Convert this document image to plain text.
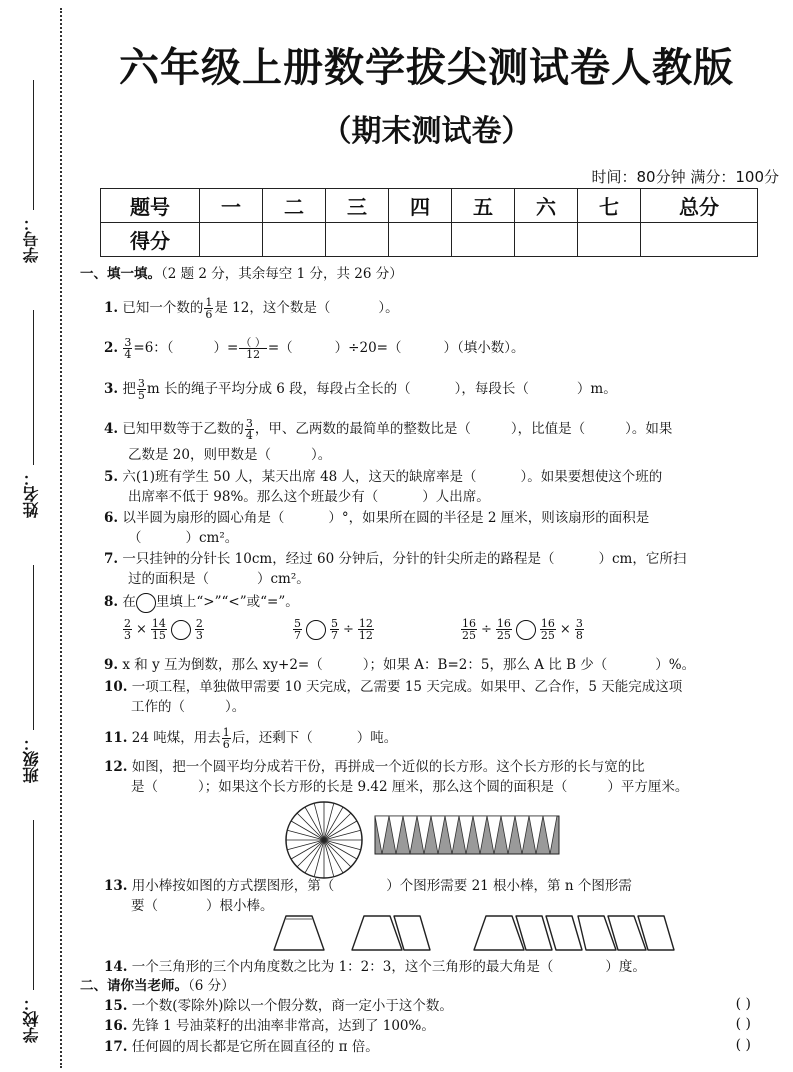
学号：
姓名：
班级：
学校：
六年级上册数学拔尖测试卷人教版
（期末测试卷）
时间：80分钟 满分：100分
题号	一	二	三	四	五	六	七	总分
得分								
一、填一填。（2 题 2 分，其余每空 1 分，共 26 分）
1. 已知一个数的 $\frac{1}{6}$ 是 12，这个数是（	）。
2. $\frac{3}{4} =6$：（	）= $\frac{( )}{12}$ =（	）÷20=（	）（填小数）。
3. 把 $\frac{3}{5}$ m 长的绳子平均分成 6 段，每段占全长的（	），每段长（	）m。
4. 已知甲数等于乙数的 $\frac{3}{4}$ ，甲、乙两数的最简单的整数比是（	），比值是（	）。如果
乙数是 20，则甲数是（	）。
5. 六(1)班有学生 50 人，某天出席 48 人，这天的缺席率是（	）。如果要想使这个班的
出席率不低于 98%。那么这个班最少有（	）人出席。
6. 以半圆为扇形的圆心角是（	）°，如果所在圆的半径是 2 厘米，则该扇形的面积是
（	）cm²。
7. 一只挂钟的分针长 10cm，经过 60 分钟后，分针的针尖所走的路程是（	）cm，它所扫
过的面积是（	）cm²。
8. 在 里填上“>”“<”或“=”。
$\frac{2}{3} \times \frac{14}{15}$	$\frac{2}{3}$	$\frac{5}{7}$	$\frac{5}{7} \div \frac{12}{12}$	$\frac{16}{25} \div \frac{16}{25}$	$\frac{16}{25} \times \frac{3}{8}$
9. x 和 y 互为倒数，那么 xy+2=（	）；如果 A：B=2：5，那么 A 比 B 少（	）%。
10. 一项工程，单独做甲需要 10 天完成，乙需要 15 天完成。如果甲、乙合作，5 天能完成这项
工作的（	）。
11. 24 吨煤，用去 $\frac{1}{6}$ 后，还剩下（	）吨。
12. 如图，把一个圆平均分成若干份，再拼成一个近似的长方形。这个长方形的长与宽的比
是（	）；如果这个长方形的长是 9.42 厘米，那么这个圆的面积是（	）平方厘米。
13. 用小棒按如图的方式摆图形，第（	）个图形需要 21 根小棒，第 n 个图形需
要（	）根小棒。
14. 一个三角形的三个内角度数之比为 1：2：3，这个三角形的最大角是（	）度。
二、请你当老师。（6 分）
15. 一个数(零除外)除以一个假分数，商一定小于这个数。	( )
16. 先锋 1 号油菜籽的出油率非常高，达到了 100%。	( )
17. 任何圆的周长都是它所在圆直径的 π 倍。	( )
